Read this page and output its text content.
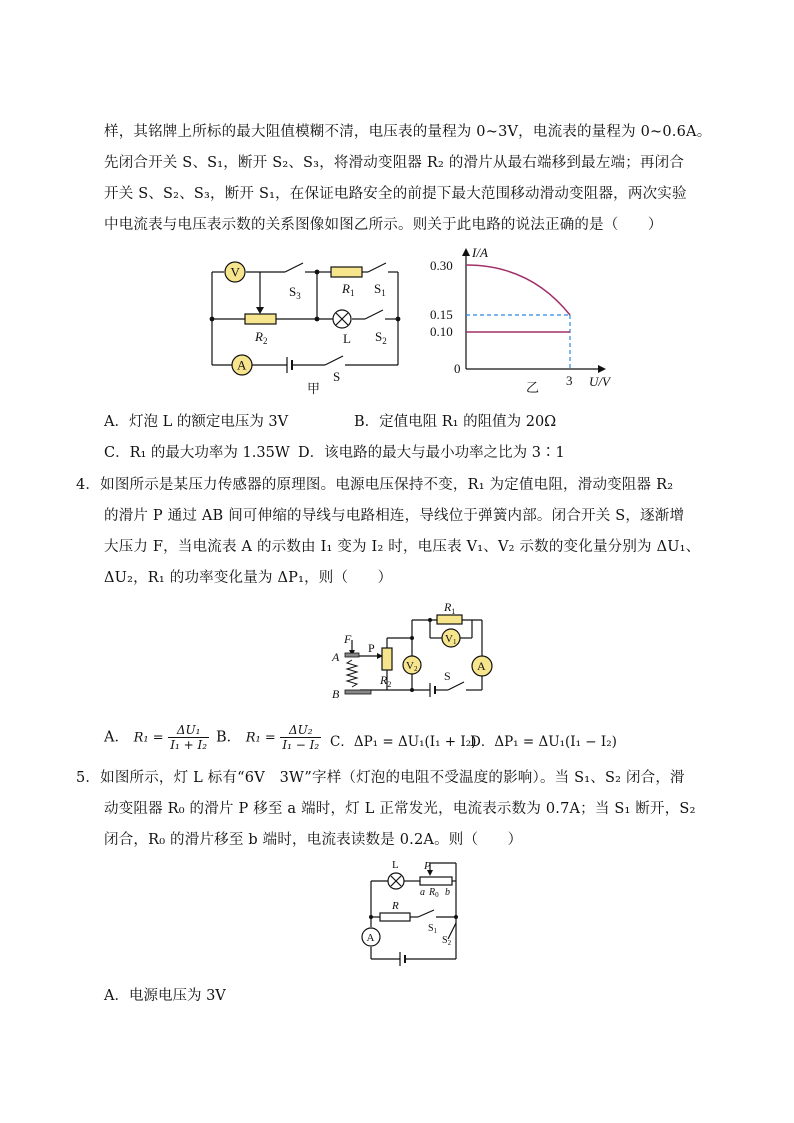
样，其铭牌上所标的最大阻值模糊不清，电压表的量程为 0~3V，电流表的量程为 0~0.6A。
先闭合开关 S、S₁，断开 S₂、S₃，将滑动变阻器 R₂ 的滑片从最右端移到最左端；再闭合
开关 S、S₂、S₃，断开 S₁，在保证电路安全的前提下最大范围移动滑动变阻器，两次实验
中电流表与电压表示数的关系图像如图乙所示。则关于此电路的说法正确的是（　　）
V
A
$S_3$	$R_1$ $S_1$
$R_2$	L $S_2$
S
甲
I/A
U/V
0
3
0.30
0.15
0.10
乙
A．灯泡 L 的额定电压为 3V	B．定值电阻 R₁ 的阻值为 20Ω
C．R₁ 的最大功率为 1.35W D．该电路的最大与最小功率之比为 3∶1
4．如图所示是某压力传感器的原理图。电源电压保持不变，R₁ 为定值电阻，滑动变阻器 R₂
的滑片 P 通过 AB 间可伸缩的导线与电路相连，导线位于弹簧内部。闭合开关 S，逐渐增
大压力 F，当电流表 A 的示数由 I₁ 变为 I₂ 时，电压表 V₁、V₂ 示数的变化量分别为 ΔU₁、
ΔU₂，R₁ 的功率变化量为 ΔP₁，则（　　）
$R_1$
F
P
A
B
V1
V2	A
$R_2$
S
A． $R_1 = \frac{\text{ΔU₁}}{\text{I₁ + I₂}}$ B． $R_1 = \frac{\text{ΔU₂}}{\text{I₁ − I₂}}$ C．ΔP₁ = ΔU₁(I₁ + I₂)
D．ΔP₁ = ΔU₁(I₁ − I₂)
5．如图所示，灯 L 标有“6V　3W”字样（灯泡的电阻不受温度的影响）。当 S₁、S₂ 闭合，滑
动变阻器 R₀ 的滑片 P 移至 a 端时，灯 L 正常发光，电流表示数为 0.7A；当 S₁ 断开，S₂
闭合，R₀ 的滑片移至 b 端时，电流表读数是 0.2A。则（　　）
A
L P
a $R_0$ b
R
$S_1$
$S_2$
A．电源电压为 3V
